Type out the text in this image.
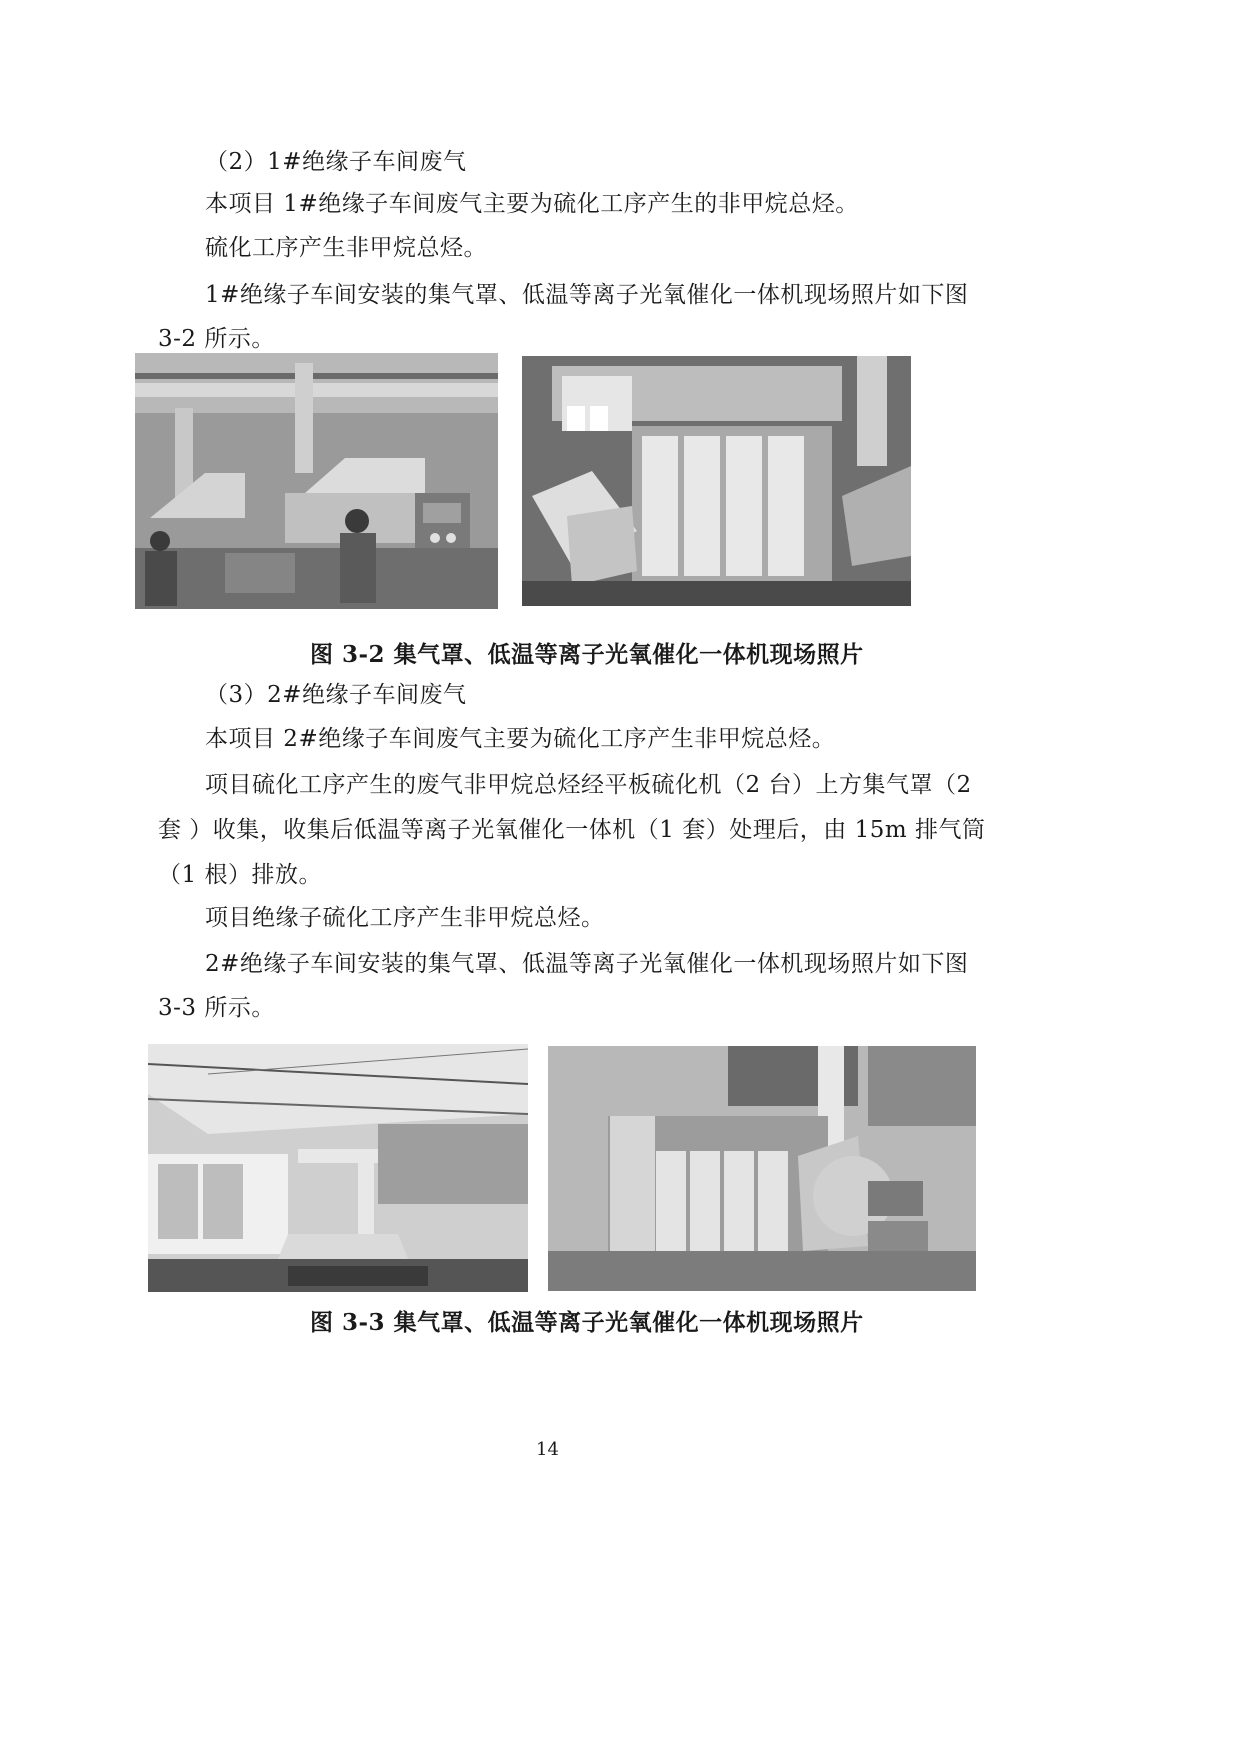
（2）1#绝缘子车间废气
本项目 1#绝缘子车间废气主要为硫化工序产生的非甲烷总烃。
硫化工序产生非甲烷总烃。
1#绝缘子车间安装的集气罩、低温等离子光氧催化一体机现场照片如下图
3-2 所示。
图 3-2 集气罩、低温等离子光氧催化一体机现场照片
（3）2#绝缘子车间废气
本项目 2#绝缘子车间废气主要为硫化工序产生非甲烷总烃。
项目硫化工序产生的废气非甲烷总烃经平板硫化机（2 台）上方集气罩（2
套 ）收集，收集后低温等离子光氧催化一体机（1 套）处理后，由 15m 排气筒
（1 根）排放。
项目绝缘子硫化工序产生非甲烷总烃。
2#绝缘子车间安装的集气罩、低温等离子光氧催化一体机现场照片如下图
3-3 所示。
图 3-3 集气罩、低温等离子光氧催化一体机现场照片
14
